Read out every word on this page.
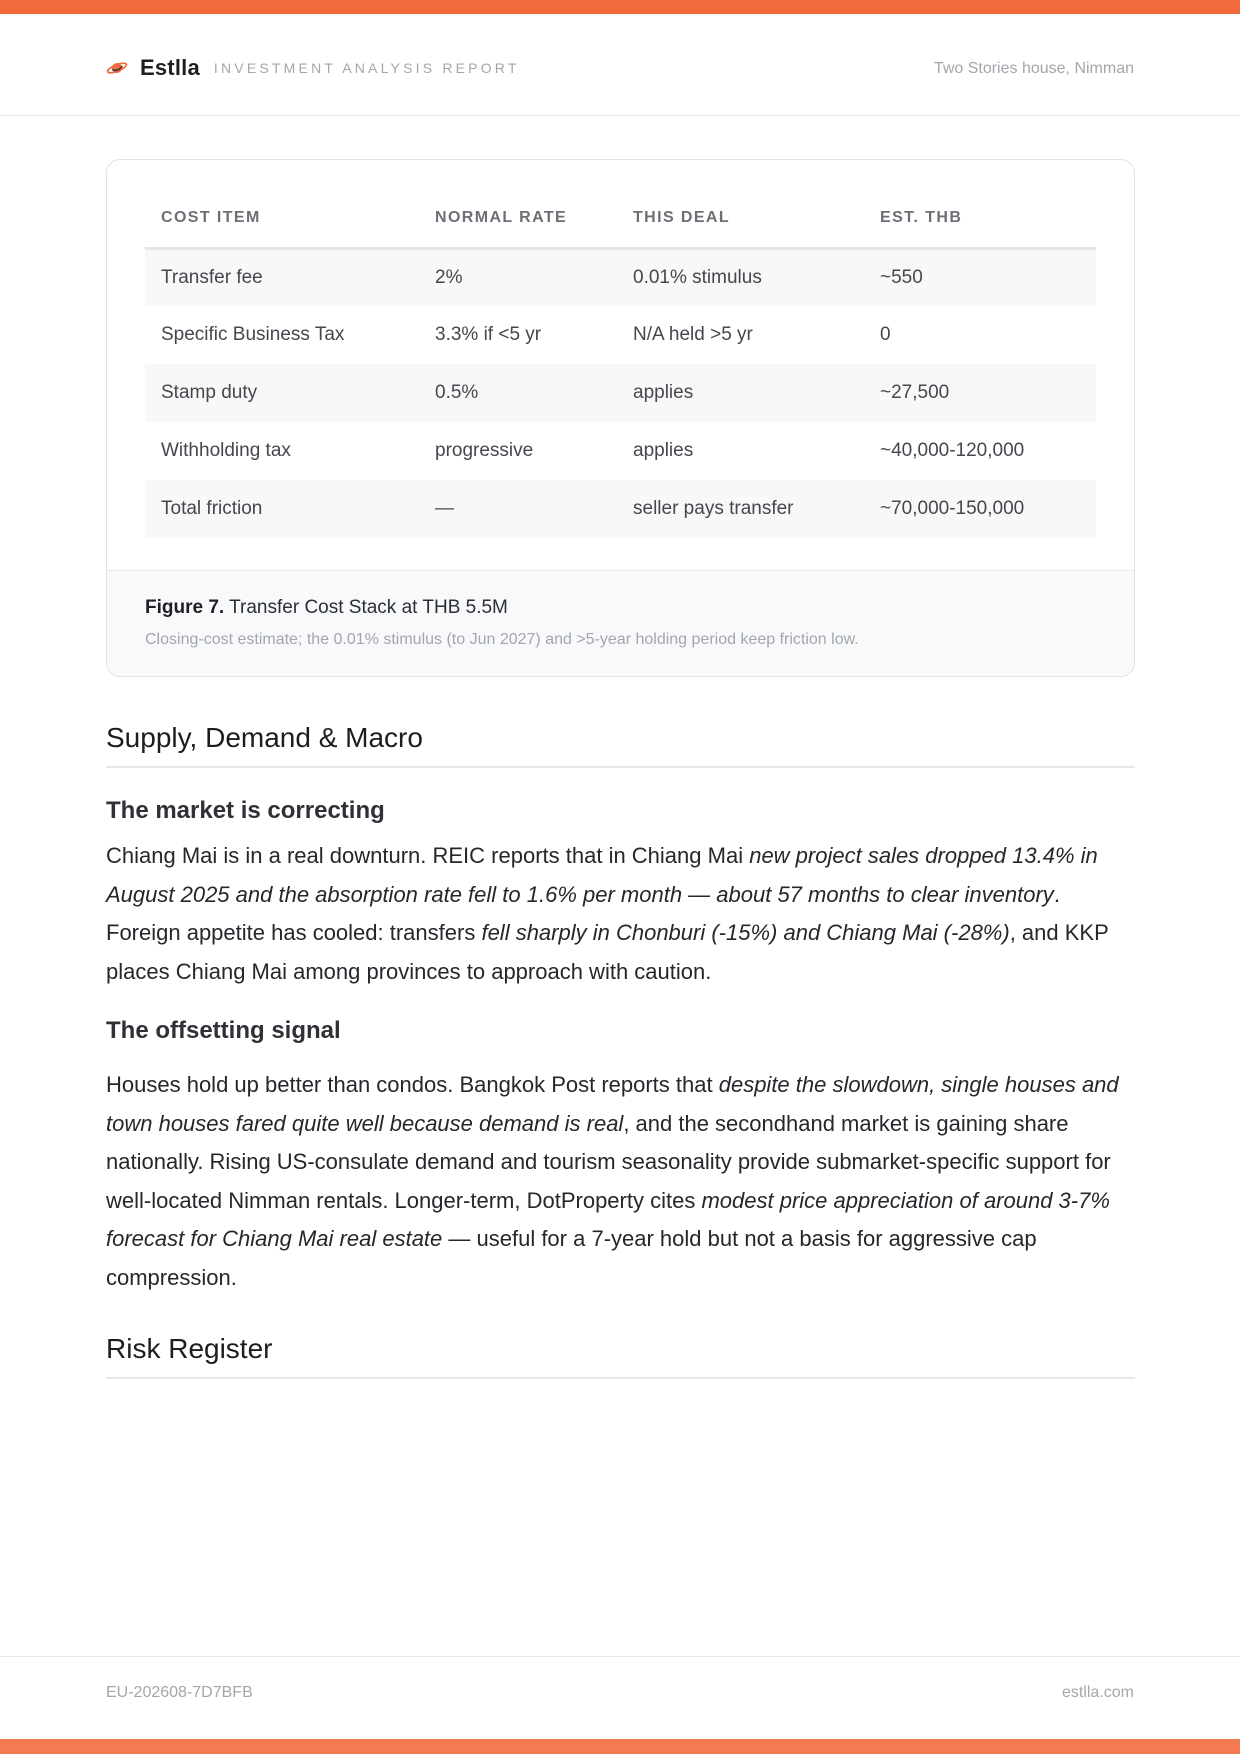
Estlla INVESTMENT ANALYSIS REPORT	Two Stories house, Nimman
COST ITEM	NORMAL RATE	THIS DEAL	EST. THB
Transfer fee	2%	0.01% stimulus	~550
Specific Business Tax	3.3% if <5 yr	N/A held >5 yr	0
Stamp duty	0.5%	applies	~27,500
Withholding tax	progressive	applies	~40,000-120,000
Total friction	—	seller pays transfer	~70,000-150,000
Figure 7. Transfer Cost Stack at THB 5.5M
Closing-cost estimate; the 0.01% stimulus (to Jun 2027) and >5-year holding period keep friction low.
Supply, Demand & Macro
The market is correcting

Chiang Mai is in a real downturn. REIC reports that in Chiang Mai new project sales dropped 13.4% in August 2025 and the absorption rate fell to 1.6% per month — about 57 months to clear inventory. Foreign appetite has cooled: transfers fell sharply in Chonburi (-15%) and Chiang Mai (-28%), and KKP places Chiang Mai among provinces to approach with caution.

The offsetting signal

Houses hold up better than condos. Bangkok Post reports that despite the slowdown, single houses and town houses fared quite well because demand is real, and the secondhand market is gaining share nationally. Rising US-consulate demand and tourism seasonality provide submarket-specific support for well-located Nimman rentals. Longer-term, DotProperty cites modest price appreciation of around 3-7% forecast for Chiang Mai real estate — useful for a 7-year hold but not a basis for aggressive cap compression.

Risk Register
EU-202608-7D7BFB	estlla.com
